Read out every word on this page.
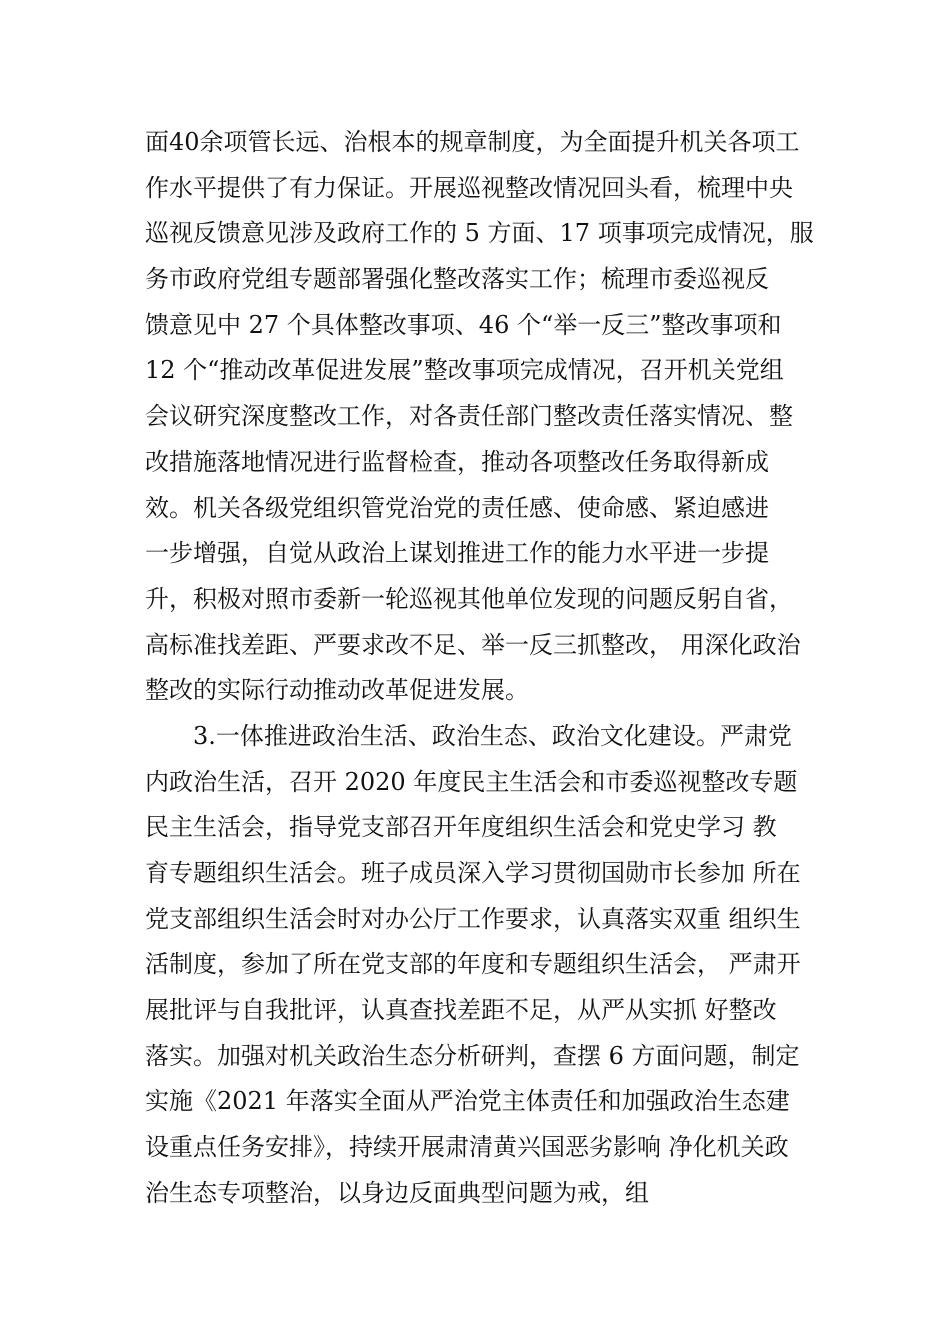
面40余项管长远、治根本的规章制度，为全面提升机关各项工
作水平提供了有力保证。开展巡视整改情况回头看，梳理中央
巡视反馈意见涉及政府工作的 5 方面、17 项事项完成情况，服
务市政府党组专题部署强化整改落实工作；梳理市委巡视反
馈意见中 27 个具体整改事项、46 个“举一反三”整改事项和
12 个“推动改革促进发展”整改事项完成情况，召开机关党组
会议研究深度整改工作，对各责任部门整改责任落实情况、整
改措施落地情况进行监督检查，推动各项整改任务取得新成
效。机关各级党组织管党治党的责任感、使命感、紧迫感进
一步增强，自觉从政治上谋划推进工作的能力水平进一步提
升，积极对照市委新一轮巡视其他单位发现的问题反躬自省，
高标准找差距、严要求改不足、举一反三抓整改， 用深化政治
整改的实际行动推动改革促进发展。
3.一体推进政治生活、政治生态、政治文化建设。严肃党
内政治生活，召开 2020 年度民主生活会和市委巡视整改专题
民主生活会，指导党支部召开年度组织生活会和党史学习 教
育专题组织生活会。班子成员深入学习贯彻国勋市长参加 所在
党支部组织生活会时对办公厅工作要求，认真落实双重 组织生
活制度，参加了所在党支部的年度和专题组织生活会， 严肃开
展批评与自我批评，认真查找差距不足，从严从实抓 好整改
落实。加强对机关政治生态分析研判，查摆 6 方面问题，制定
实施《2021 年落实全面从严治党主体责任和加强政治生态建
设重点任务安排》，持续开展肃清黄兴国恶劣影响 净化机关政
治生态专项整治，以身边反面典型问题为戒，组
